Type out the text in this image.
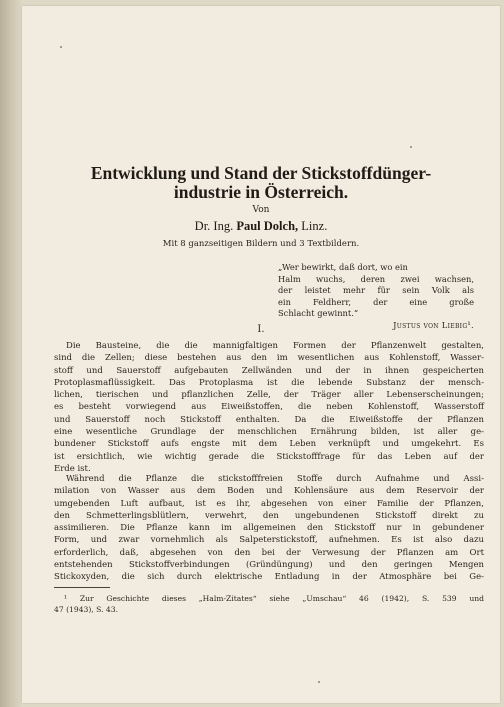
Entwicklung und Stand der Stickstoffdünger-
industrie in Österreich.
Von
Dr. Ing. Paul Dolch, Linz.
Mit 8 ganzseitigen Bildern und 3 Textbildern.
„Wer bewirkt, daß dort, wo ein
Halm wuchs, deren zwei wachsen,
der leistet mehr für sein Volk als
ein Feldherr, der eine große
Schlacht gewinnt.“
Justus von Liebig¹.
I.
Die Bausteine, die die mannigfaltigen Formen der Pflanzenwelt gestalten,
sind die Zellen; diese bestehen aus den im wesentlichen aus Kohlenstoff, Wasser-
stoff und Sauerstoff aufgebauten Zellwänden und der in ihnen gespeicherten
Protoplasmaflüssigkeit. Das Protoplasma ist die lebende Substanz der mensch-
lichen, tierischen und pflanzlichen Zelle, der Träger aller Lebenserscheinungen;
es besteht vorwiegend aus Eiweißstoffen, die neben Kohlenstoff, Wasserstoff
und Sauerstoff noch Stickstoff enthalten. Da die Eiweißstoffe der Pflanzen
eine wesentliche Grundlage der menschlichen Ernährung bilden, ist aller ge-
bundener Stickstoff aufs engste mit dem Leben verknüpft und umgekehrt. Es
ist ersichtlich, wie wichtig gerade die Stickstofffrage für das Leben auf der
Erde ist.
Während die Pflanze die stickstofffreien Stoffe durch Aufnahme und Assi-
milation von Wasser aus dem Boden und Kohlensäure aus dem Reservoir der
umgebenden Luft aufbaut, ist es ihr, abgesehen von einer Familie der Pflanzen,
den Schmetterlingsblütlern, verwehrt, den ungebundenen Stickstoff direkt zu
assimilieren. Die Pflanze kann im allgemeinen den Stickstoff nur in gebundener
Form, und zwar vornehmlich als Salpeterstickstoff, aufnehmen. Es ist also dazu
erforderlich, daß, abgesehen von den bei der Verwesung der Pflanzen am Ort
entstehenden Stickstoffverbindungen (Gründüngung) und den geringen Mengen
Stickoxyden, die sich durch elektrische Entladung in der Atmosphäre bei Ge-
¹ Zur Geschichte dieses „Halm-Zitates“ siehe „Umschau“ 46 (1942), S. 539 und
47 (1943), S. 43.
